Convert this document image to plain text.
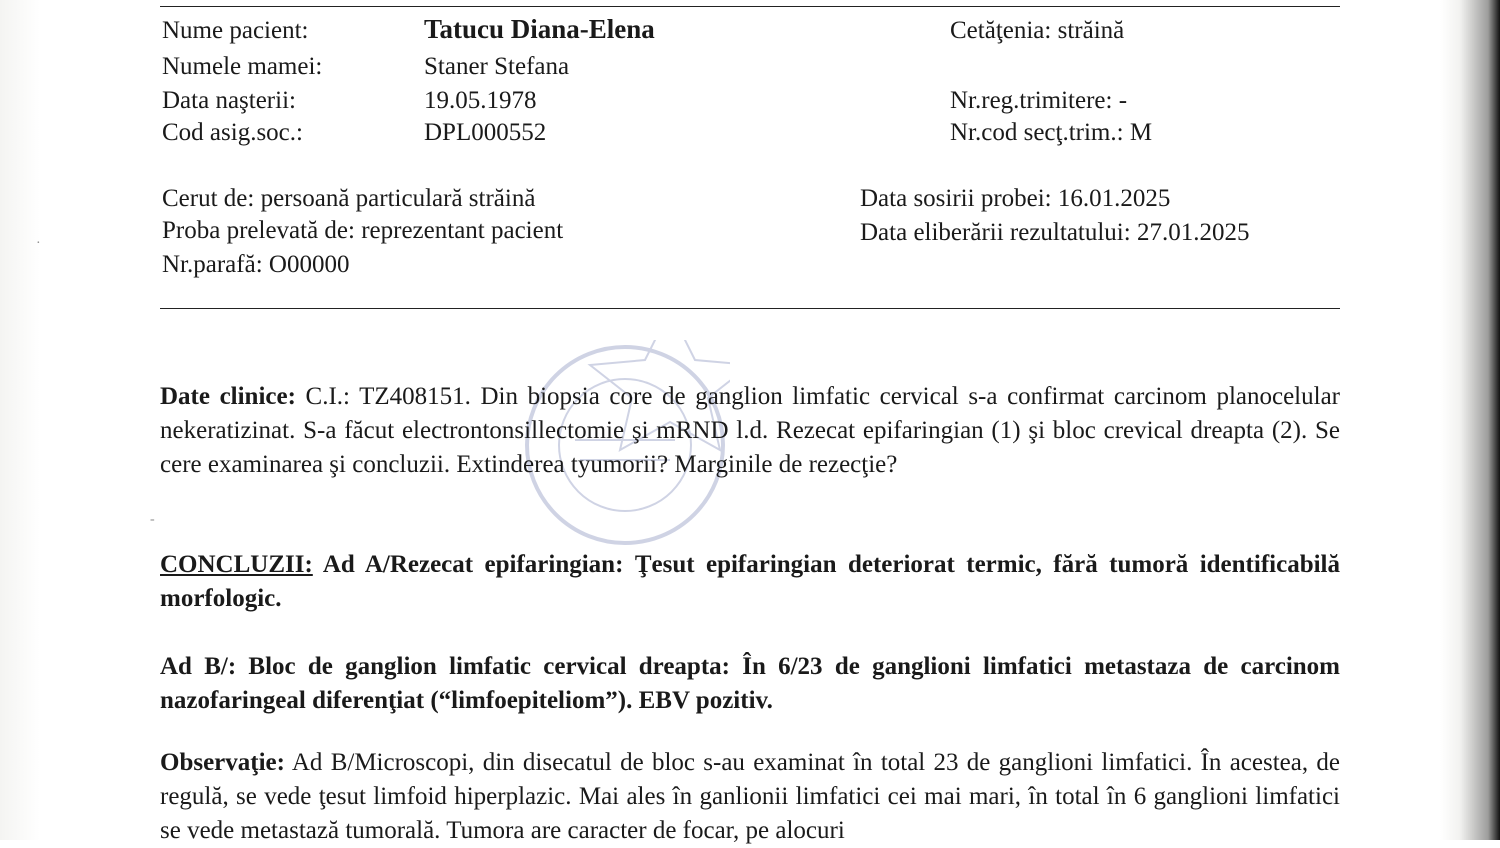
Nume pacient:	Tatucu Diana-Elena	Cetăţenia: străină
Numele mamei:	Staner Stefana
Data naşterii:	19.05.1978	Nr.reg.trimitere: -
Cod asig.soc.:	DPL000552	Nr.cod secţ.trim.: M
Cerut de: persoană particulară străină	Data sosirii probei: 16.01.2025
Proba prelevată de: reprezentant pacient	Data eliberării rezultatului: 27.01.2025
Nr.parafă: O00000
Date clinice: C.I.: TZ408151. Din biopsia core de ganglion limfatic cervical s-a confirmat carcinom planocelular nekeratizinat. S-a făcut electrontonsillectomie şi mRND l.d. Rezecat epifaringian (1) şi bloc crevical dreapta (2). Se cere examinarea şi concluzii. Extinderea tyumorii? Marginile de rezecţie?
CONCLUZII: Ad A/Rezecat epifaringian: Ţesut epifaringian deteriorat termic, fără tumoră identificabilă morfologic.
Ad B/: Bloc de ganglion limfatic cervical dreapta: În 6/23 de ganglioni limfatici metastaza de carcinom nazofaringeal diferenţiat (“limfoepiteliom”). EBV pozitiv.
Observaţie: Ad B/Microscopi, din disecatul de bloc s-au examinat în total 23 de ganglioni limfatici. În acestea, de regulă, se vede ţesut limfoid hiperplazic. Mai ales în ganlionii limfatici cei mai mari, în total în 6 ganglioni limfatici se vede metastază tumorală. Tumora are caracter de focar, pe alocuri
·
-
